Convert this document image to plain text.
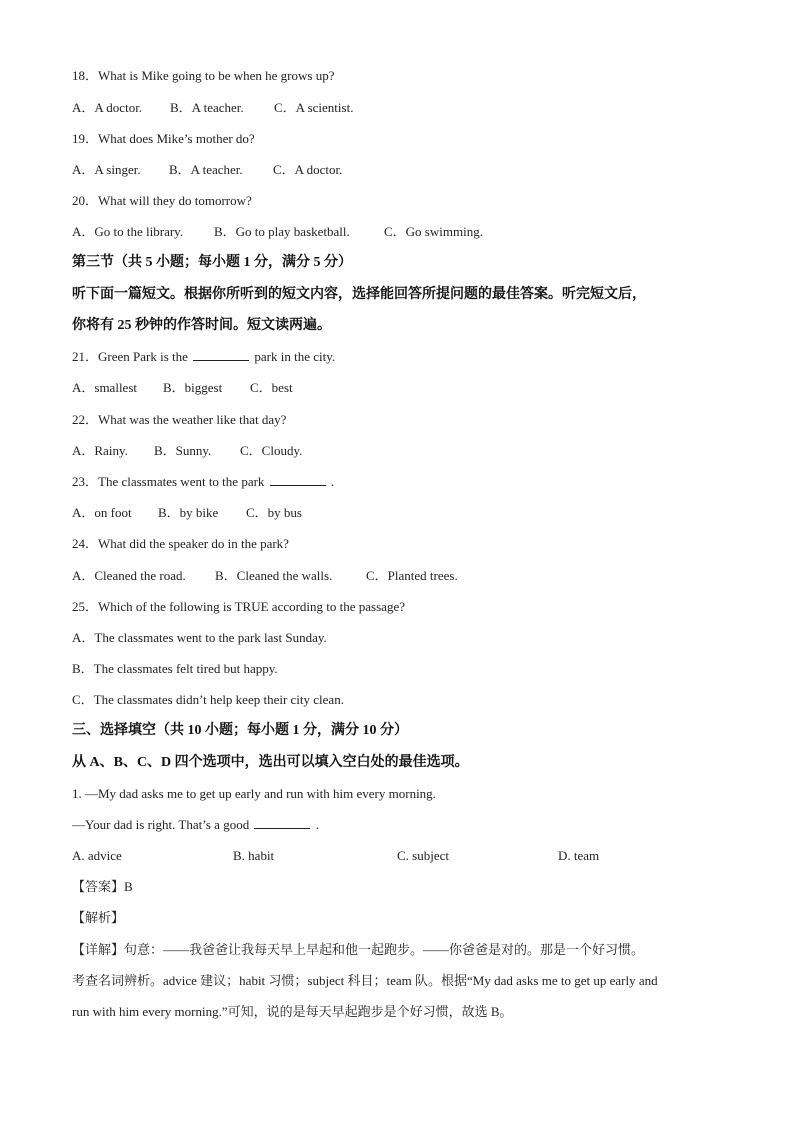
18．What is Mike going to be when he grows up?
A．A doctor. B．A teacher. C．A scientist.
19．What does Mike’s mother do?
A．A singer. B．A teacher. C．A doctor.
20．What will they do tomorrow?
A．Go to the library. B．Go to play basketball.	C．Go swimming.
第三节（共 5 小题；每小题 1 分，满分 5 分）
听下面一篇短文。根据你所听到的短文内容，选择能回答所提问题的最佳答案。听完短文后，
你将有 25 秒钟的作答时间。短文读两遍。
21．Green Park is the	park in the city.
A．smallest B．biggest C．best
22．What was the weather like that day?
A．Rainy. B．Sunny. C．Cloudy.
23．The classmates went to the park	.
A．on foot B．by bike C．by bus
24．What did the speaker do in the park?
A．Cleaned the road. B．Cleaned the walls.	C．Planted trees.
25．Which of the following is TRUE according to the passage?
A．The classmates went to the park last Sunday.
B．The classmates felt tired but happy.
C．The classmates didn’t help keep their city clean.
三、选择填空（共 10 小题；每小题 1 分，满分 10 分）
从 A、B、C、D 四个选项中，选出可以填入空白处的最佳选项。
1. —My dad asks me to get up early and run with him every morning.
—Your dad is right. That’s a good	.
A. advice	B. habit	C. subject	D. team
【答案】B
【解析】
【详解】句意：——我爸爸让我每天早上早起和他一起跑步。——你爸爸是对的。那是一个好习惯。
考查名词辨析。advice 建议；habit 习惯；subject 科目；team 队。根据“My dad asks me to get up early and
run with him every morning.”可知，说的是每天早起跑步是个好习惯，故选 B。
